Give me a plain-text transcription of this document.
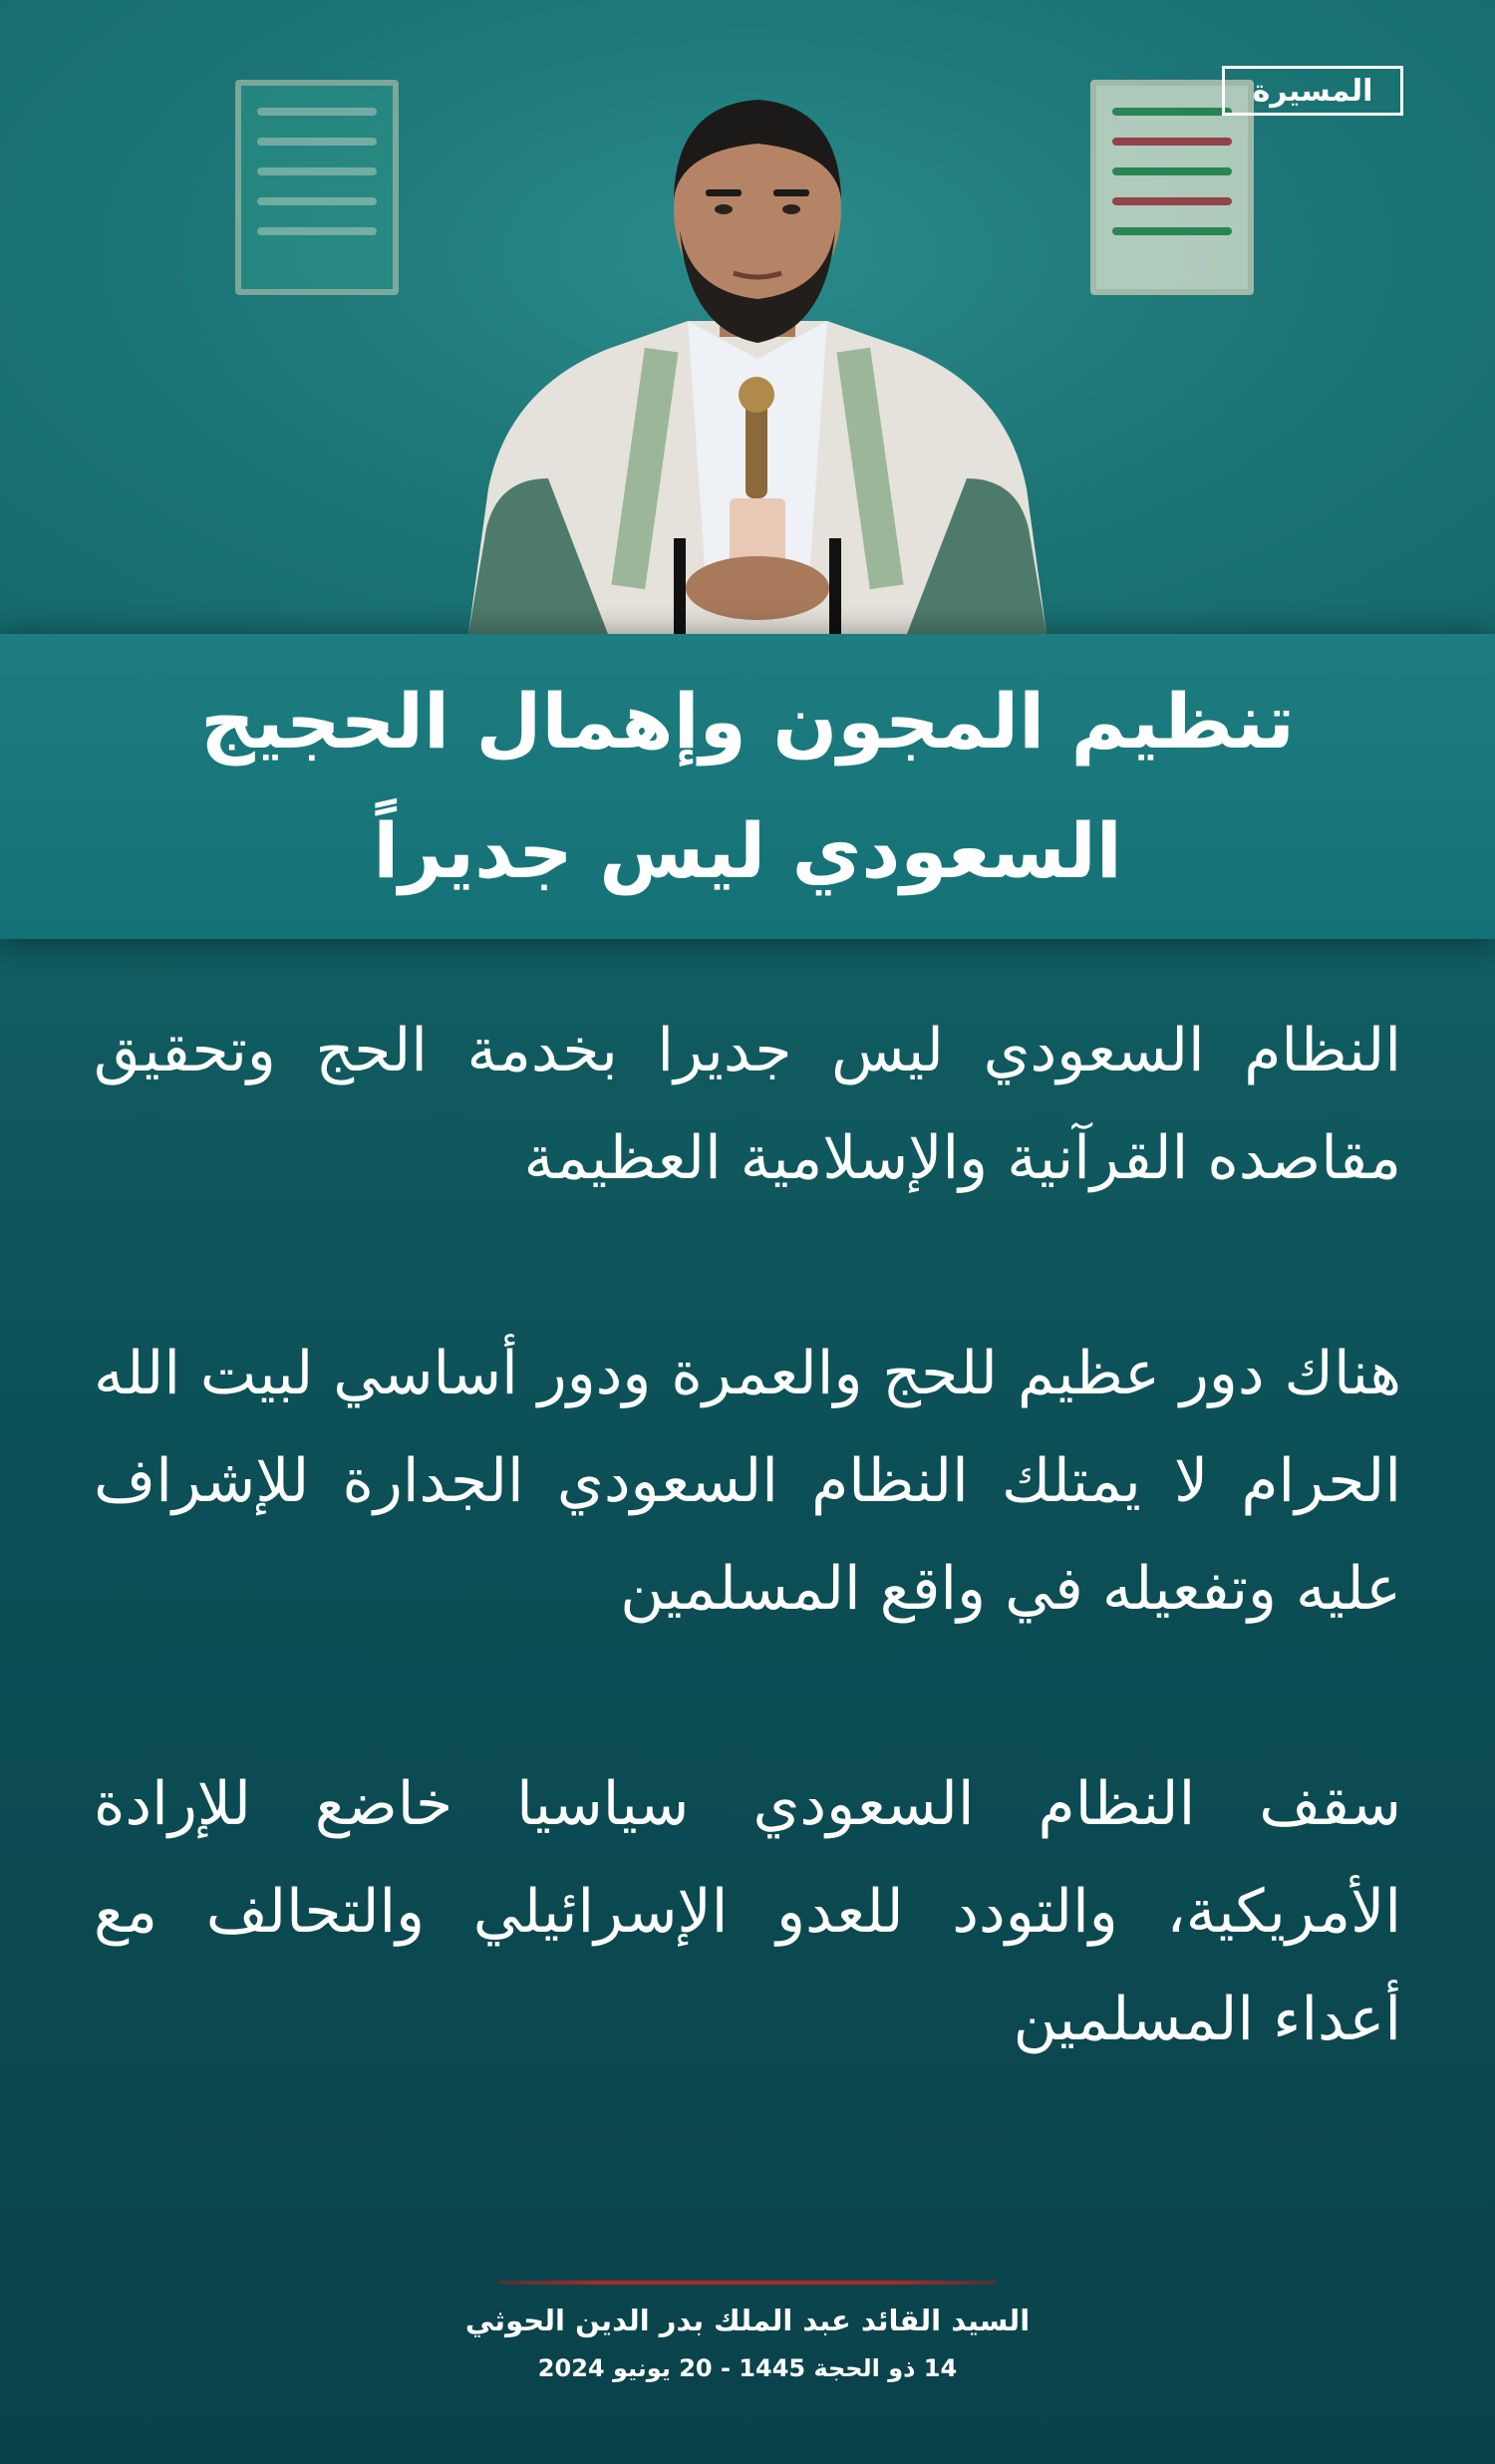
المسيرة
تنظيم المجون وإهمال الحجيج
السعودي ليس جديراً

النظام السعودي ليس جديرا بخدمة الحج وتحقيق مقاصده القرآنية والإسلامية العظيمة

هناك دور عظيم للحج والعمرة ودور أساسي لبيت الله الحرام لا يمتلك النظام السعودي الجدارة للإشراف عليه وتفعيله في واقع المسلمين

سقف النظام السعودي سياسيا خاضع للإرادة الأمريكية، والتودد للعدو الإسرائيلي والتحالف مع أعداء المسلمين

السيد القائد عبد الملك بدر الدين الحوثي
14 ذو الحجة 1445 - 20 يونيو 2024
